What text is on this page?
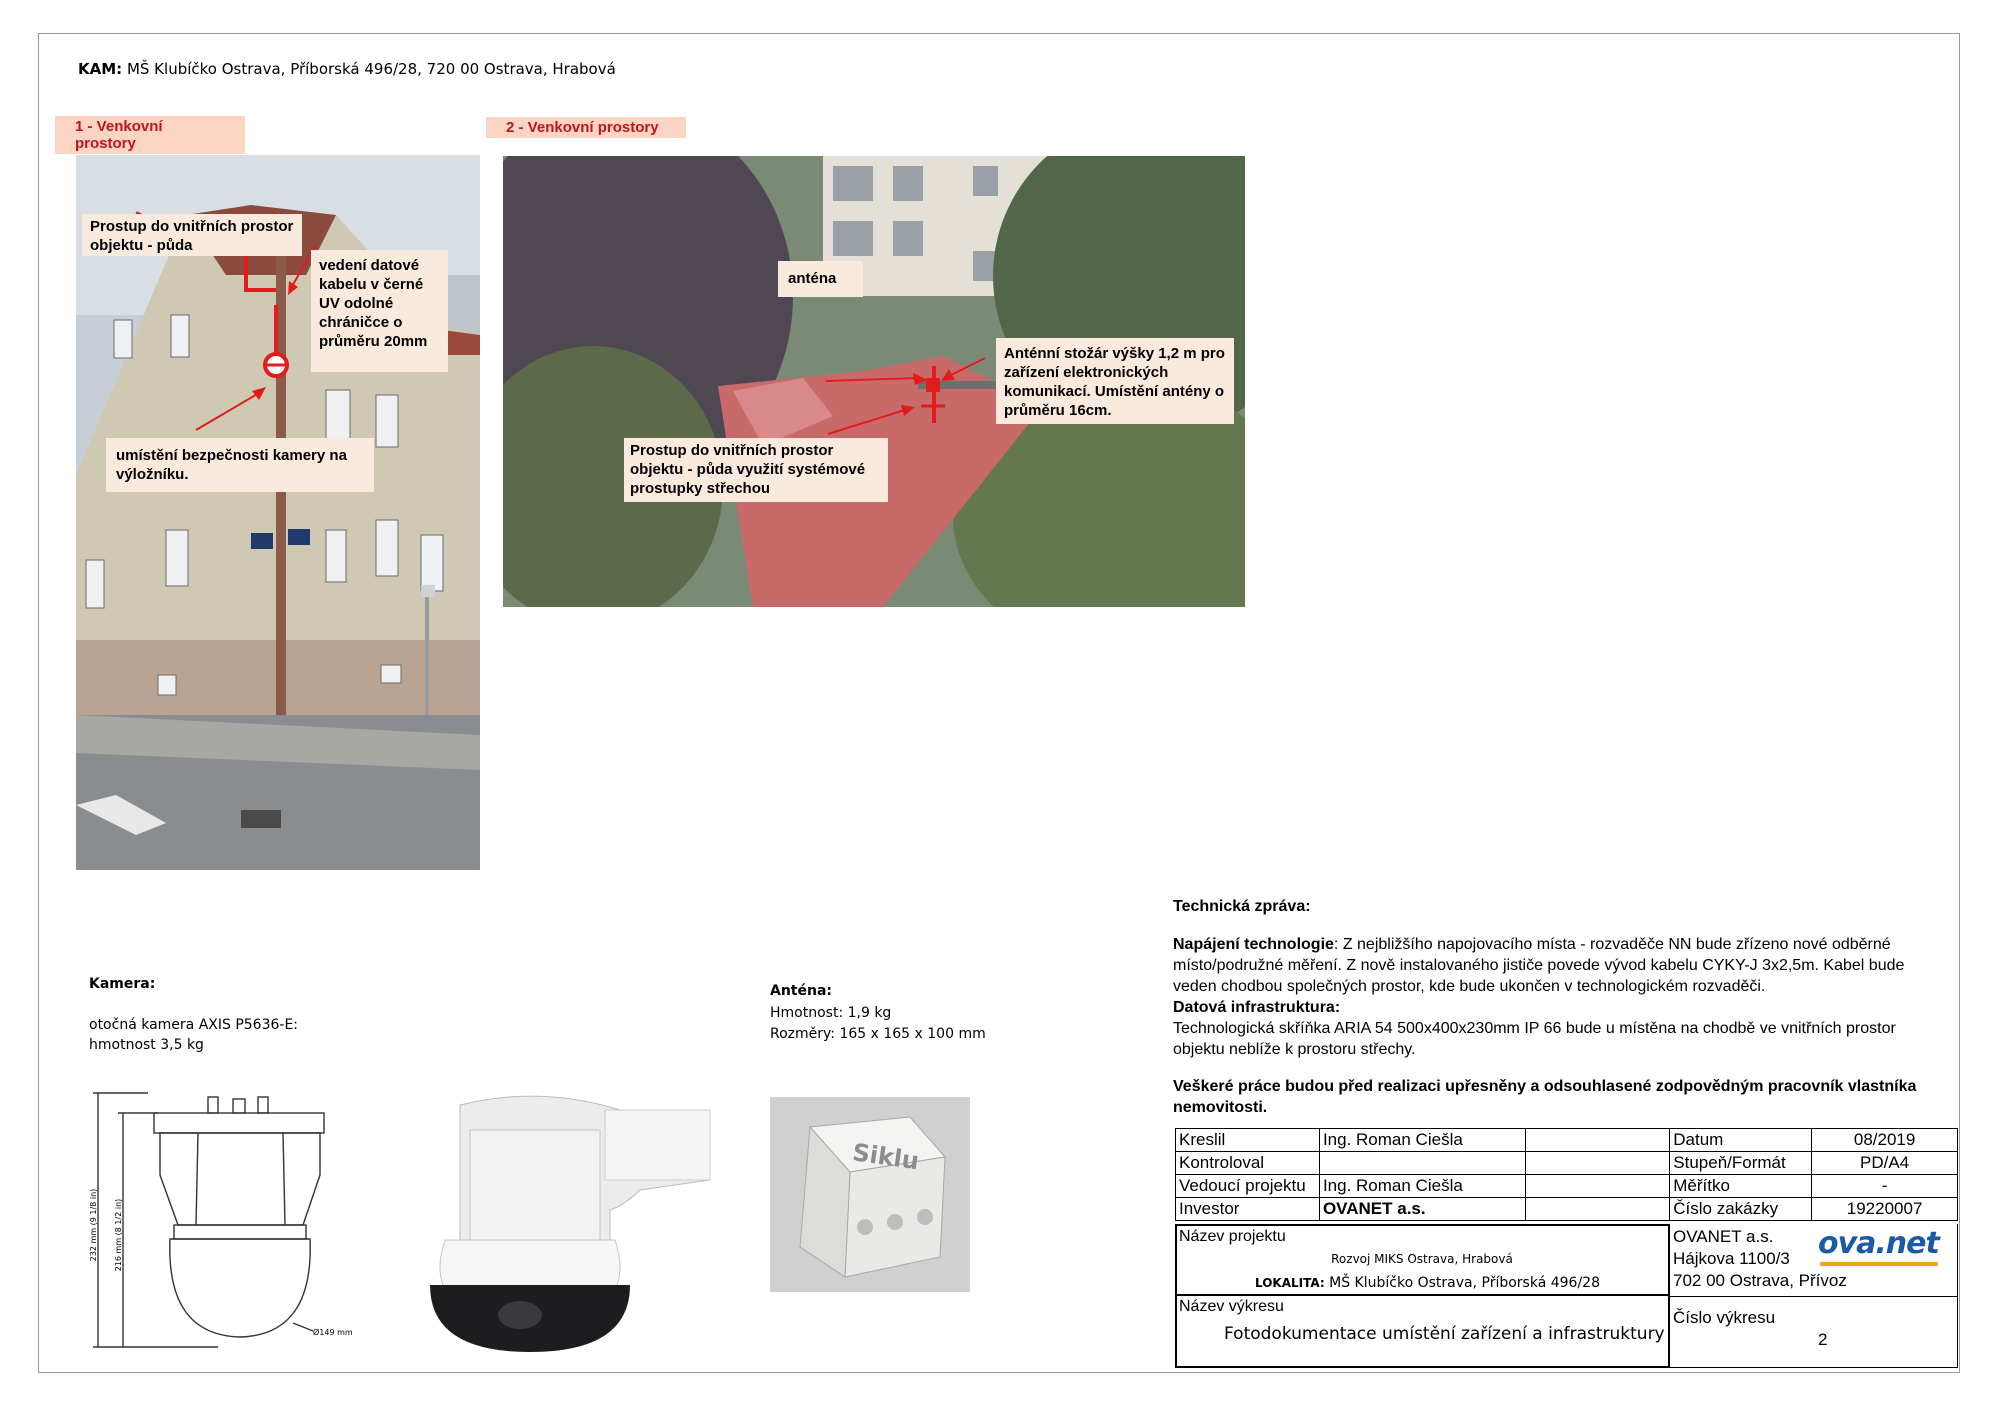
KAM: MŠ Klubíčko Ostrava, Příborská 496/28, 720 00 Ostrava, Hrabová
1 - Venkovní prostory
Prostup do vnitřních prostor objektu - půda
vedení datové kabelu v černé UV odolné chráničce o průměru 20mm
umístění bezpečnosti kamery na výložníku.
2 - Venkovní prostory
anténa
Anténní stožár výšky 1,2 m pro zařízení elektronických komunikací. Umístění antény o průměru 16cm.
Prostup do vnitřních prostor objektu - půda využití systémové prostupky střechou
Kamera:
otočná kamera AXIS P5636-E:
hmotnost 3,5 kg
232 mm (9 1/8 in) 216 mm (8 1/2 in)
Ø149 mm
Anténa:
Hmotnost: 1,9 kg
Rozměry: 165 x 165 x 100 mm
Siklu
Technická zpráva:
Napájení technologie: Z nejbližšího napojovacího místa - rozvaděče NN bude zřízeno nové odběrné místo/podružné měření. Z nově instalovaného jističe povede vývod kabelu CYKY-J 3x2,5m. Kabel bude veden chodbou společných prostor, kde bude ukončen v technologickém rozvaděči.
Datová infrastruktura:
Technologická skříňka ARIA 54 500x400x230mm IP 66 bude u místěna na chodbě ve vnitřních prostor objektu neblíže k prostoru střechy.
Veškeré práce budou před realizaci upřesněny a odsouhlasené zodpovědným pracovník vlastníka nemovitosti.
Kreslil	Ing. Roman Ciešla		Datum	08/2019
Kontroloval			Stupeň/Formát	PD/A4
Vedoucí projektu	Ing. Roman Ciešla		Měřítko	-
Investor	OVANET a.s.		Číslo zakázky	19220007
Název projektu
Rozvoj MIKS Ostrava, Hrabová
LOKALITA: MŠ Klubíčko Ostrava, Příborská 496/28
Název výkresu
Fotodokumentace umístění zařízení a infrastruktury
OVANET a.s.
Hájkova 1100/3
702 00 Ostrava, Přívoz
ova.net
Číslo výkresu
2
